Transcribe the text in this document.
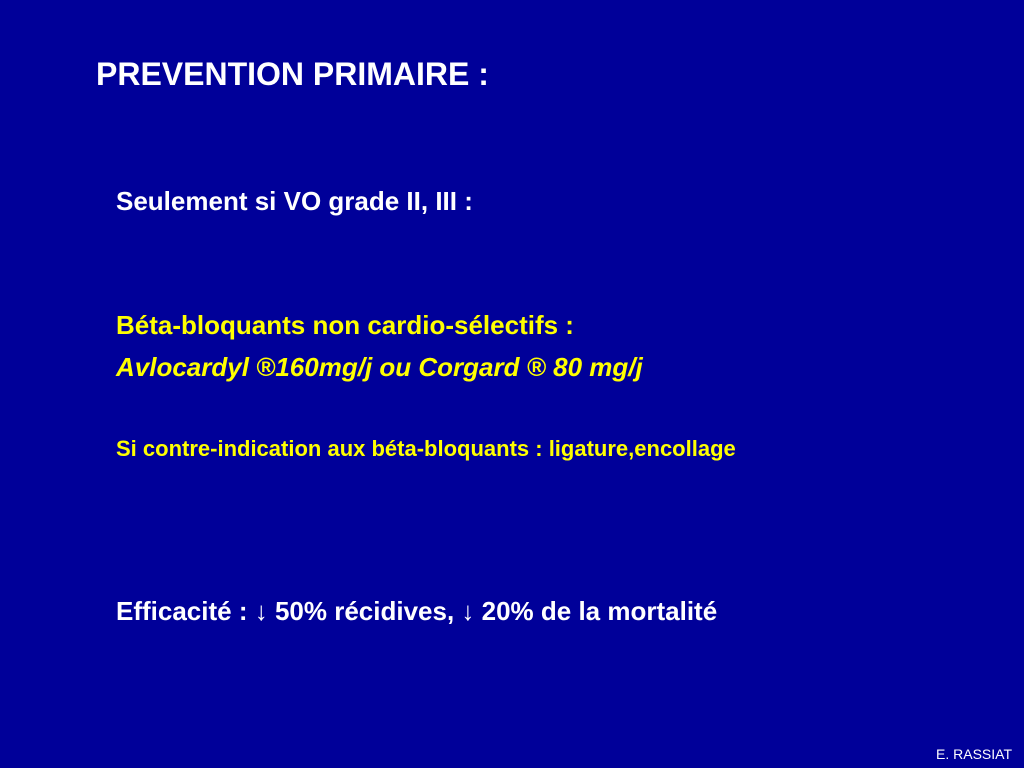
PREVENTION PRIMAIRE :

Seulement si VO grade II, III :

Béta-bloquants non cardio-sélectifs :

Avlocardyl ®160mg/j ou Corgard ® 80 mg/j

Si contre-indication aux béta-bloquants : ligature,encollage

Efficacité : ↓ 50% récidives, ↓ 20% de la mortalité

E. RASSIAT
